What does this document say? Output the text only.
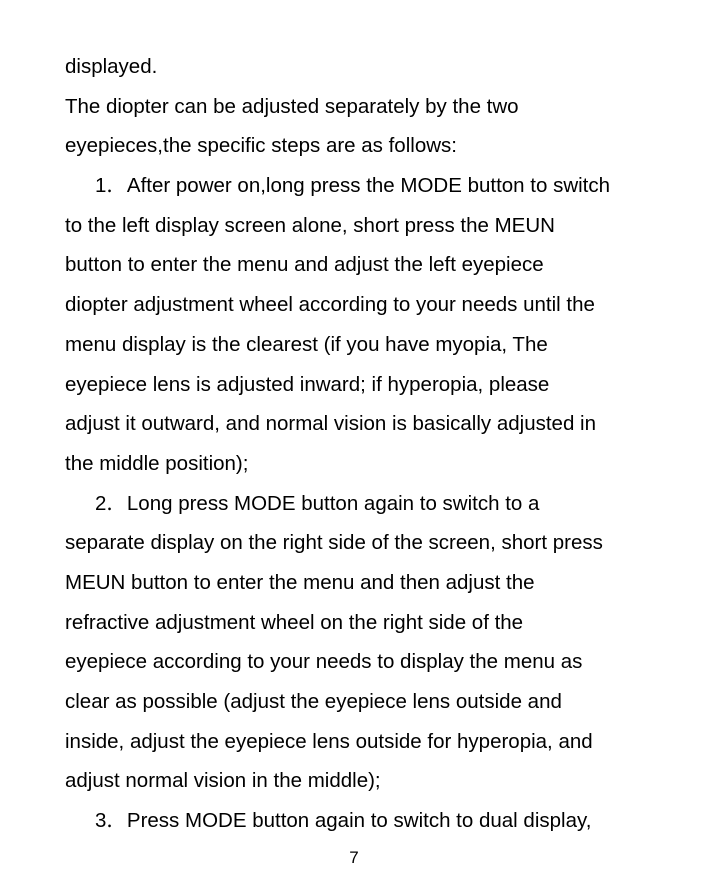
displayed.
The diopter can be adjusted separately by the two
eyepieces,the specific steps are as follows:
1．After power on,long press the MODE button to switch
to the left display screen alone, short press the MEUN
button to enter the menu and adjust the left eyepiece
diopter adjustment wheel according to your needs until the
menu display is the clearest (if you have myopia, The
eyepiece lens is adjusted inward; if hyperopia, please
adjust it outward, and normal vision is basically adjusted in
the middle position);
2．Long press MODE button again to switch to a
separate display on the right side of the screen, short press
MEUN button to enter the menu and then adjust the
refractive adjustment wheel on the right side of the
eyepiece according to your needs to display the menu as
clear as possible (adjust the eyepiece lens outside and
inside, adjust the eyepiece lens outside for hyperopia, and
adjust normal vision in the middle);
3．Press MODE button again to switch to dual display,
7
